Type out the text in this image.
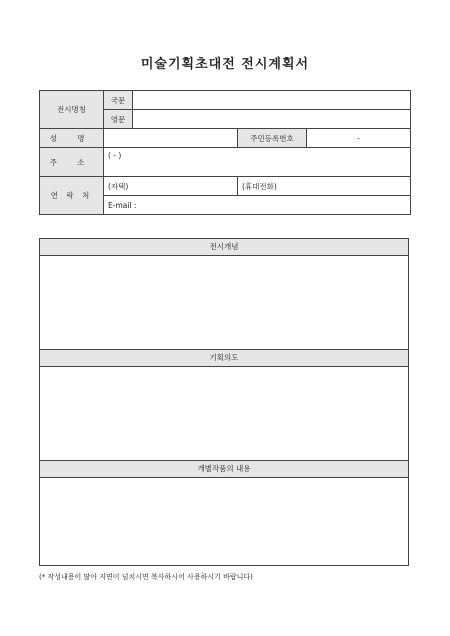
미술기획초대전 전시계획서
전시명칭	국문			
	영문			
성 명			주민등록번호	-
주 소	( - )			
연 락 처	(자택)		(휴대전화)	
	E-mail :			
전시개념
기획의도
개별작품의 내용
(* 작성내용이 많아 지면이 넘치시면 복사하시어 사용하시기 바랍니다)
